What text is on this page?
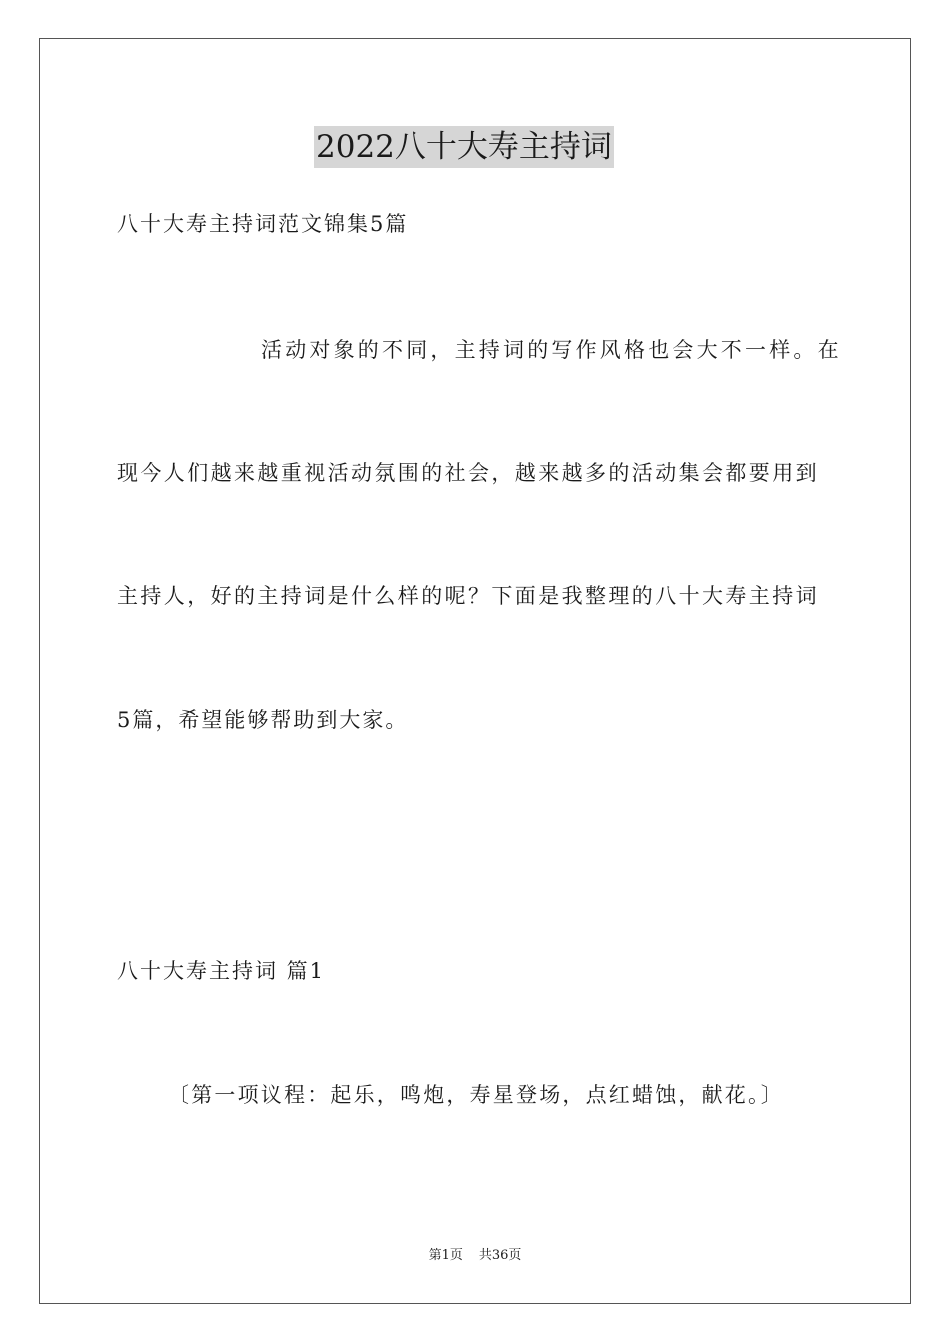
2022八十大寿主持词
八十大寿主持词范文锦集5篇
活动对象的不同，主持词的写作风格也会大不一样。在
现今人们越来越重视活动氛围的社会，越来越多的活动集会都要用到
主持人，好的主持词是什么样的呢？下面是我整理的八十大寿主持词
5篇，希望能够帮助到大家。
八十大寿主持词 篇1
〔第一项议程：起乐，鸣炮，寿星登场，点红蜡蚀，献花。〕
第1页 共36页
